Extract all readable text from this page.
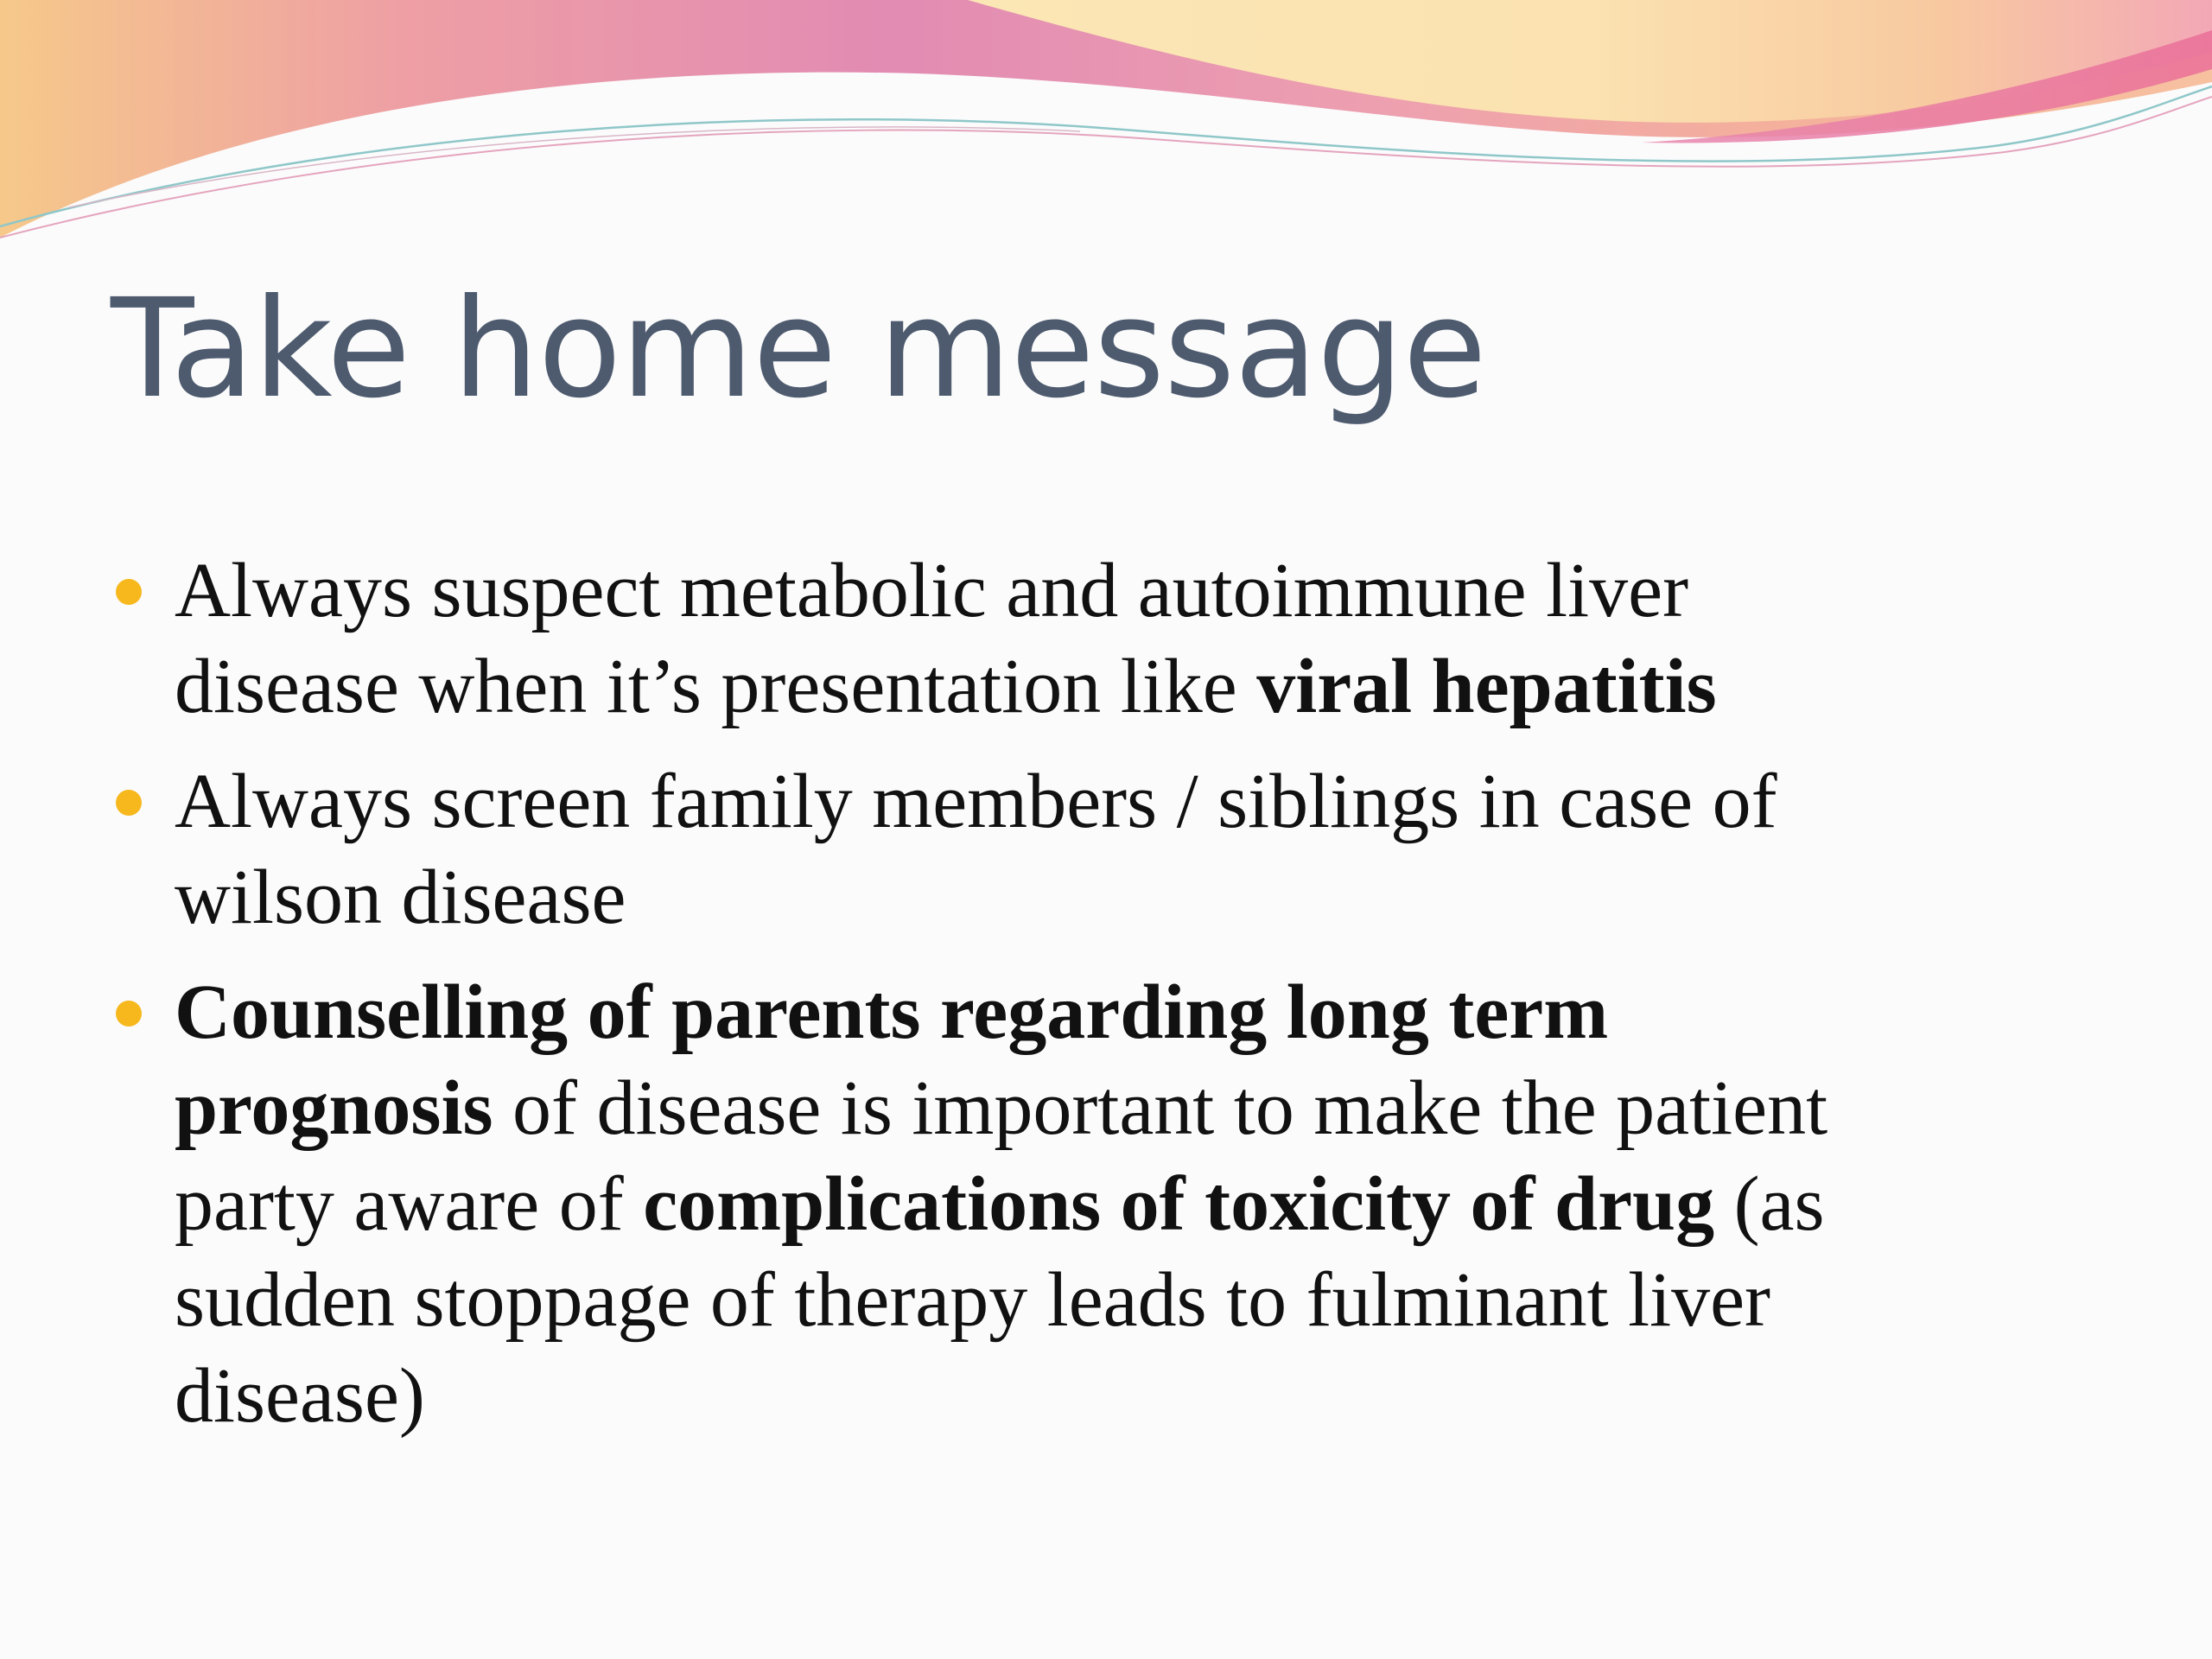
Take home message
Always suspect metabolic and autoimmune liver
disease when it’s presentation like viral hepatitis
Always screen family members / siblings in case of
wilson disease
Counselling of parents regarding long term
prognosis of disease is important to make the patient
party aware of complications of toxicity of drug (as
sudden stoppage of therapy leads to fulminant liver
disease)
